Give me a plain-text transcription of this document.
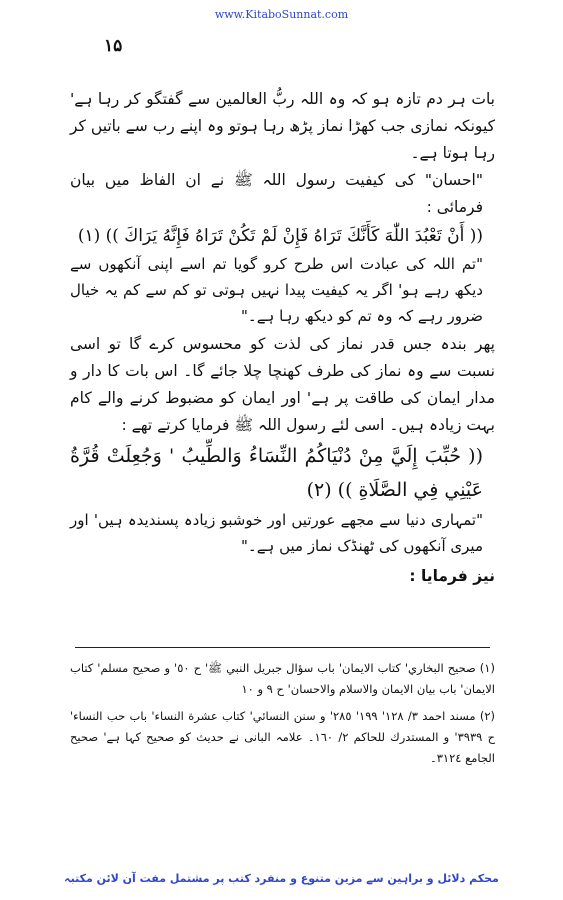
www.KitaboSunnat.com
۱۵

بات ہر دم تازہ ہو کہ وہ اللہ ربُّ العالمین سے گفتگو کر رہا ہے' کیونکہ نمازی جب کھڑا نماز پڑھ رہا ہوتو وہ اپنے رب سے باتیں کر رہا ہوتا ہے۔

"احسان" کی کیفیت رسول اللہ ﷺ نے ان الفاظ میں بیان فرمائی :

(( أَنْ تَعْبُدَ اللّٰهَ كَأَنَّكَ تَرَاهُ فَإِنْ لَمْ تَكُنْ تَرَاهُ فَإِنَّهُ يَرَاكَ )) (١)

"تم اللہ کی عبادت اس طرح کرو گویا تم اسے اپنی آنکھوں سے دیکھ رہے ہو' اگر یہ کیفیت پیدا نہیں ہوتی تو کم سے کم یہ خیال ضرور رہے کہ وہ تم کو دیکھ رہا ہے۔"

پھر بندہ جس قدر نماز کی لذت کو محسوس کرے گا تو اسی نسبت سے وہ نماز کی طرف کھنچا چلا جائے گا۔ اس بات کا دار و مدار ایمان کی طاقت پر ہے' اور ایمان کو مضبوط کرنے والے کام بہت زیادہ ہیں۔ اسی لئے رسول اللہ ﷺ فرمایا کرتے تھے :

(( حُبِّبَ إِلَيَّ مِنْ دُنْيَاكُمُ النِّسَاءُ وَالطِّيبُ ' وَجُعِلَتْ قُرَّةُ عَيْنِي فِي الصَّلَاةِ )) (٢)

"تمہاری دنیا سے مجھے عورتیں اور خوشبو زیادہ پسندیدہ ہیں' اور میری آنکھوں کی ٹھنڈک نماز میں ہے۔"

نیز فرمایا :

(١) صحيح البخاري' كتاب الايمان' باب سؤال جبريل النبي ﷺ' ح ٥٠' و صحيح مسلم' كتاب الايمان' باب بيان الايمان والاسلام والاحسان' ح ٩ و ١٠

(٢) مسند احمد ٣/ ١٢٨' ١٩٩' ٢٨٥' و سنن النسائي' كتاب عشرة النساء' باب حب النساء' ح ٣٩٣٩' و المستدرك للحاكم ٢/ ١٦٠۔ علامہ البانی نے حدیث کو صحیح کہا ہے' صحیح الجامع ٣١٢٤۔

محکم دلائل و براہین سے مزین متنوع و منفرد کتب پر مشتمل مفت آن لائن مکتبہ
